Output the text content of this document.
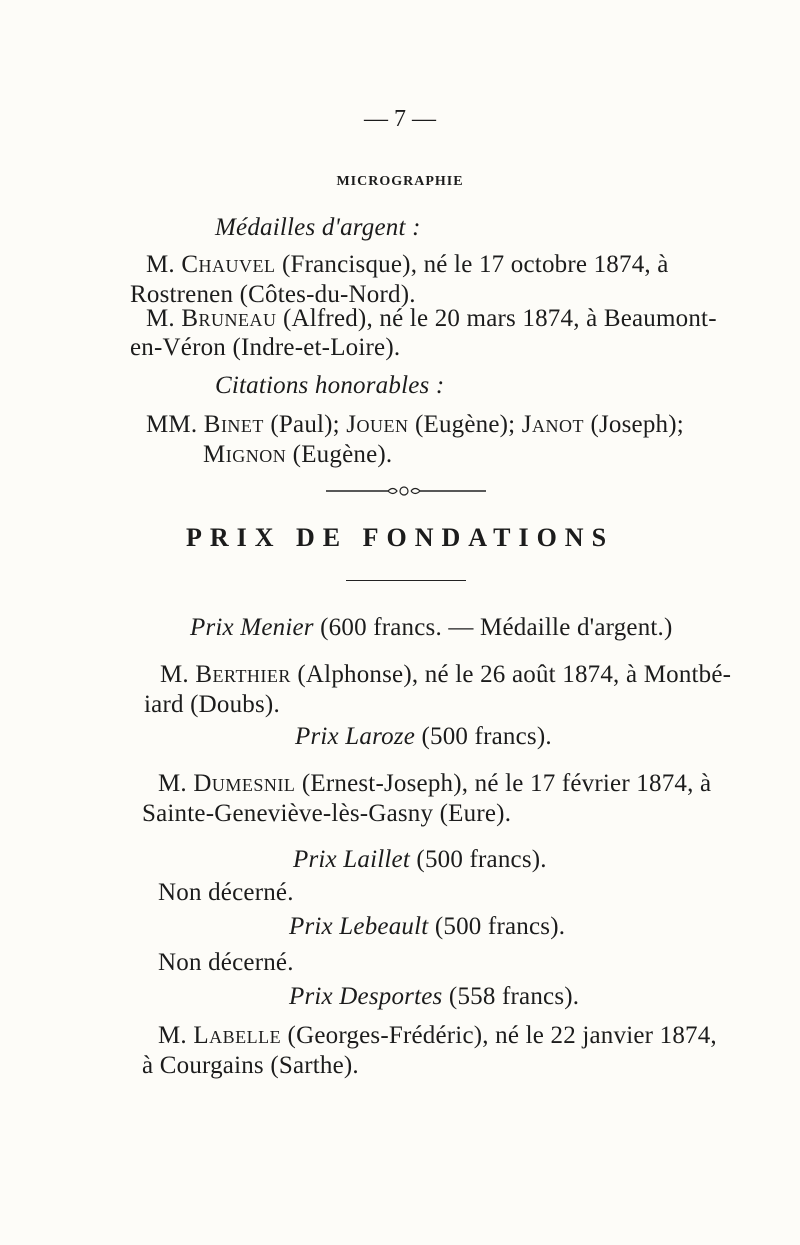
— 7 —
MICROGRAPHIE
Médailles d'argent :
M. Chauvel (Francisque), né le 17 octobre 1874, à
Rostrenen (Côtes-du-Nord).
M. Bruneau (Alfred), né le 20 mars 1874, à Beaumont-
en-Véron (Indre-et-Loire).
Citations honorables :
MM. Binet (Paul); Jouen (Eugène); Janot (Joseph);
Mignon (Eugène).
PRIX DE FONDATIONS
Prix Menier (600 francs. — Médaille d'argent.)
M. Berthier (Alphonse), né le 26 août 1874, à Montbé-
iard (Doubs).
Prix Laroze (500 francs).
M. Dumesnil (Ernest-Joseph), né le 17 février 1874, à
Sainte-Geneviève-lès-Gasny (Eure).
Prix Laillet (500 francs).
Non décerné.
Prix Lebeault (500 francs).
Non décerné.
Prix Desportes (558 francs).
M. Labelle (Georges-Frédéric), né le 22 janvier 1874,
à Courgains (Sarthe).
